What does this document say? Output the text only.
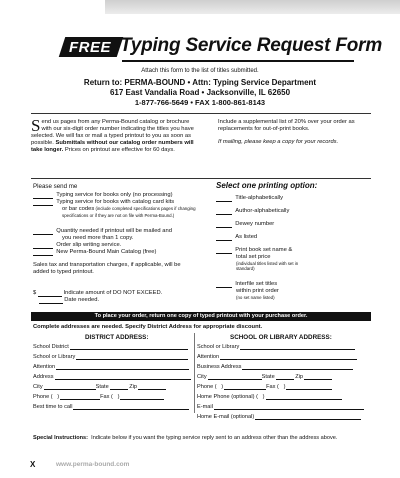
FREE Typing Service Request Form
Attach this form to the list of titles submitted.
Return to: PERMA-BOUND • Attn: Typing Service Department
617 East Vandalia Road • Jacksonville, IL 62650
1-877-766-5649 • FAX 1-800-861-8143
Send us pages from any Perma-Bound catalog or brochure with our six-digit order number indicating the titles you have selected. We will fax or mail a typed printout to you as soon as possible. Submittals without our catalog order numbers will take longer. Prices on printout are effective for 60 days.
Include a supplemental list of 20% over your order as replacements for out-of-print books.
If mailing, please keep a copy for your records.
Please send me
Typing service for books only (no processing)
Typing service for books with catalog card kits
or bar codes (include completed specifications pages if changing specifications or if they are not on file with Perma-Bound.)
Quantity needed if printout will be mailed and
you need more than 1 copy.
Order slip writing service.
New Perma-Bound Main Catalog (free)
Sales tax and transportation charges, if applicable, will be added to typed printout.
$	Indicate amount of DO NOT EXCEED.
Date needed.
Select one printing option:
Title-alphabetically
Author-alphabetically
Dewey number
As listed
Print book set name &
total set price
(individual titles listed with set in standard)
Interfile set titles
within print order
(no set name listed)
To place your order, return one copy of typed printout with your purchase order.
Complete addresses are needed. Specify District Address for appropriate discount.
DISTRICT ADDRESS:	SCHOOL OR LIBRARY ADDRESS:
School District
School or Library
Attention
Address
City	State	Zip
Phone ( )	Fax ( )
Best time to call
School or Library
Attention
Business Address
City	State	Zip
Phone ( )	Fax ( )
Home Phone (optional) ( )
E-mail
Home E-mail (optional)
Special Instructions: Indicate below if you want the typing service reply sent to an address other than the address above.
X	www.perma-bound.com
